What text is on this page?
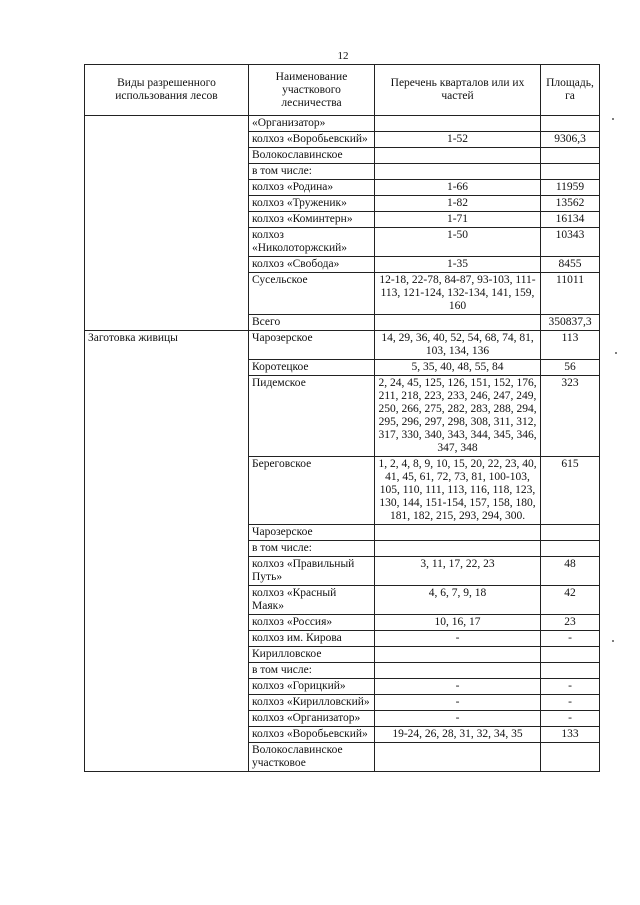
12
Виды разрешенного использования лесов	Наименование участкового лесничества	Перечень кварталов или их частей	Площадь, га
	«Организатор»		
	колхоз «Воробьевский»	1-52	9306,3
	Волокославинское		
	в том числе:		
	колхоз «Родина»	1-66	11959
	колхоз «Труженик»	1-82	13562
	колхоз «Коминтерн»	1-71	16134
	колхоз «Николоторжский»	1-50	10343
	колхоз «Свобода»	1-35	8455
	Сусельское	12-18, 22-78, 84-87, 93-103, 111-113, 121-124, 132-134, 141, 159, 160	11011
	Всего		350837,3
Заготовка живицы	Чарозерское	14, 29, 36, 40, 52, 54, 68, 74, 81, 103, 134, 136	113
	Коротецкое	5, 35, 40, 48, 55, 84	56
	Пидемское	2, 24, 45, 125, 126, 151, 152, 176, 211, 218, 223, 233, 246, 247, 249, 250, 266, 275, 282, 283, 288, 294, 295, 296, 297, 298, 308, 311, 312, 317, 330, 340, 343, 344, 345, 346, 347, 348	323
	Береговское	1, 2, 4, 8, 9, 10, 15, 20, 22, 23, 40, 41, 45, 61, 72, 73, 81, 100-103, 105, 110, 111, 113, 116, 118, 123, 130, 144, 151-154, 157, 158, 180, 181, 182, 215, 293, 294, 300.	615
	Чарозерское		
	в том числе:		
	колхоз «Правильный Путь»	3, 11, 17, 22, 23	48
	колхоз «Красный Маяк»	4, 6, 7, 9, 18	42
	колхоз «Россия»	10, 16, 17	23
	колхоз им. Кирова	-	-
	Кирилловское		
	в том числе:		
	колхоз «Горицкий»	-	-
	колхоз «Кирилловский»	-	-
	колхоз «Организатор»	-	-
	колхоз «Воробьевский»	19-24, 26, 28, 31, 32, 34, 35	133
	Волокославинское участковое		
